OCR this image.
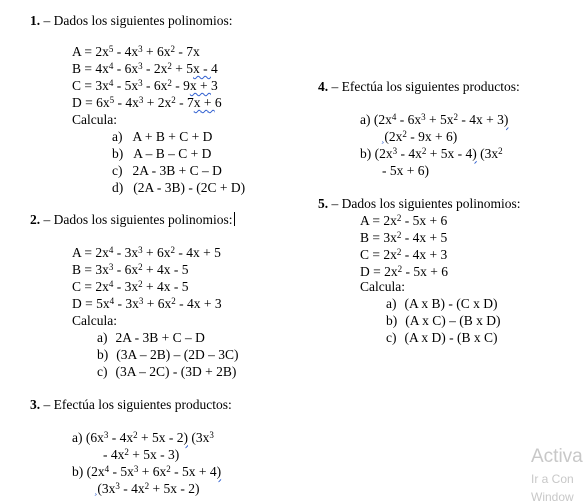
1. – Dados los siguientes polinomios:
$A = 2x^5 - 4x^3 + 6x^2 - 7x$
$B = 4x^4 - 6x^3 - 2x^2 + 5x - 4$
$C = 3x^4 - 5x^3 - 6x^2 - 9x + 3$
$D = 6x^5 - 4x^3 + 2x^2 - 7x + 6$
Calcula:
a) A + B + C + D
b) A – B – C + D
c) 2A - 3B + C – D
d) (2A - 3B) - (2C + D)
2. – Dados los siguientes polinomios:
$A = 2x^4 - 3x^3 + 6x^2 - 4x + 5$
$B = 3x^3 - 6x^2 + 4x - 5$
$C = 2x^4 - 3x^2 + 4x - 5$
$D = 5x^4 - 3x^3 + 6x^2 - 4x + 3$
Calcula:
a) 2A - 3B + C – D
b) (3A – 2B) – (2D – 3C)
c) (3A – 2C) - (3D + 2B)
3. – Efectúa los siguientes productos:
a) $(6x^3 - 4x^2 + 5x - 2)$ ($3x^3$
- $4x^2 + 5x - 3$)
b) $(2x^4 - 5x^3 + 6x^2 - 5x + 4)$
$¸(3x^3 - 4x^2 + 5x - 2)$
4. – Efectúa los siguientes productos:
a) $(2x^4 - 6x^3 + 5x^2 - 4x + 3)$
$¸(2x^2 - 9x + 6)$
b) $(2x^3 - 4x^2 + 5x - 4)$ ($3x^2$
- 5x + 6)
5. – Dados los siguientes polinomios:
$A = 2x^2 - 5x + 6$
$B = 3x^2 - 4x + 5$
$C = 2x^2 - 4x + 3$
$D = 2x^2 - 5x + 6$
Calcula:
a) (A x B) - (C x D)
b) (A x C) – (B x D)
c) (A x D) - (B x C)
Activa
Ir a Con
Window
